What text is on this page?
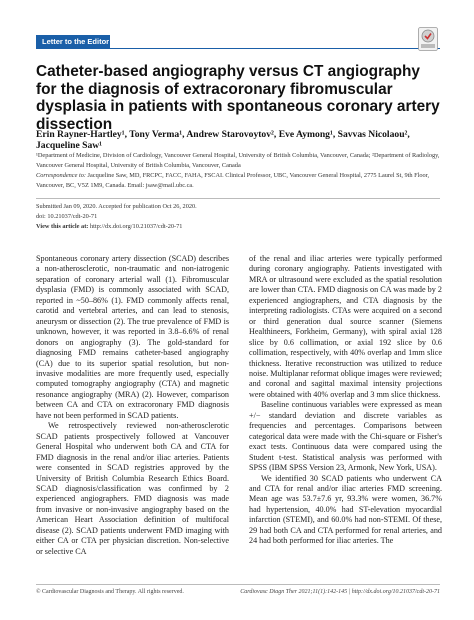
Letter to the Editor
Catheter-based angiography versus CT angiography for the diagnosis of extracoronary fibromuscular dysplasia in patients with spontaneous coronary artery dissection
Erin Rayner-Hartley¹, Tony Verma¹, Andrew Starovoytov², Eve Aymong¹, Savvas Nicolaou², Jacqueline Saw¹

¹Department of Medicine, Division of Cardiology, Vancouver General Hospital, University of British Columbia, Vancouver, Canada; ²Department of Radiology, Vancouver General Hospital, University of British Columbia, Vancouver, Canada

Correspondence to: Jacqueline Saw, MD, FRCPC, FACC, FAHA, FSCAI. Clinical Professor, UBC, Vancouver General Hospital, 2775 Laurel St, 9th Floor, Vancouver, BC, V5Z 1M9, Canada. Email: jsaw@mail.ubc.ca.

Submitted Jan 09, 2020. Accepted for publication Oct 26, 2020.

doi: 10.21037/cdt-20-71

View this article at: http://dx.doi.org/10.21037/cdt-20-71

Spontaneous coronary artery dissection (SCAD) describes a non-atherosclerotic, non-traumatic and non-iatrogenic separation of coronary arterial wall (1). Fibromuscular dysplasia (FMD) is commonly associated with SCAD, reported in ~50–86% (1). FMD commonly affects renal, carotid and vertebral arteries, and can lead to stenosis, aneurysm or dissection (2). The true prevalence of FMD is unknown, however, it was reported in 3.8–6.6% of renal donors on angiography (3). The gold-standard for diagnosing FMD remains catheter-based angiography (CA) due to its superior spatial resolution, but non-invasive modalities are more frequently used, especially computed tomography angiography (CTA) and magnetic resonance angiography (MRA) (2). However, comparison between CA and CTA on extracoronary FMD diagnosis have not been performed in SCAD patients.

We retrospectively reviewed non-atherosclerotic SCAD patients prospectively followed at Vancouver General Hospital who underwent both CA and CTA for FMD diagnosis in the renal and/or iliac arteries. Patients were consented in SCAD registries approved by the University of British Columbia Research Ethics Board. SCAD diagnosis/classification was confirmed by 2 experienced angiographers. FMD diagnosis was made from invasive or non-invasive angiography based on the American Heart Association definition of multifocal disease (2). SCAD patients underwent FMD imaging with either CA or CTA per physician discretion. Non-selective or selective CA

of the renal and iliac arteries were typically performed during coronary angiography. Patients investigated with MRA or ultrasound were excluded as the spatial resolution are lower than CTA. FMD diagnosis on CA was made by 2 experienced angiographers, and CTA diagnosis by the interpreting radiologists. CTAs were acquired on a second or third generation dual source scanner (Siemens Healthineers, Forkheim, Germany), with spiral axial 128 slice by 0.6 collimation, or axial 192 slice by 0.6 collimation, respectively, with 40% overlap and 1mm slice thickness. Iterative reconstruction was utilized to reduce noise. Multiplanar reformat oblique images were reviewed; and coronal and sagittal maximal intensity projections were obtained with 40% overlap and 3 mm slice thickness.

Baseline continuous variables were expressed as mean +/− standard deviation and discrete variables as frequencies and percentages. Comparisons between categorical data were made with the Chi-square or Fisher's exact tests. Continuous data were compared using the Student t-test. Statistical analysis was performed with SPSS (IBM SPSS Version 23, Armonk, New York, USA).

We identified 30 SCAD patients who underwent CA and CTA for renal and/or iliac arteries FMD screening. Mean age was 53.7±7.6 yr, 93.3% were women, 36.7% had hypertension, 40.0% had ST-elevation myocardial infarction (STEMI), and 60.0% had non-STEMI. Of these, 29 had both CA and CTA performed for renal arteries, and 24 had both performed for iliac arteries. The

© Cardiovascular Diagnosis and Therapy. All rights reserved.	Cardiovasc Diagn Ther 2021;11(1):142-145 | http://dx.doi.org/10.21037/cdt-20-71
